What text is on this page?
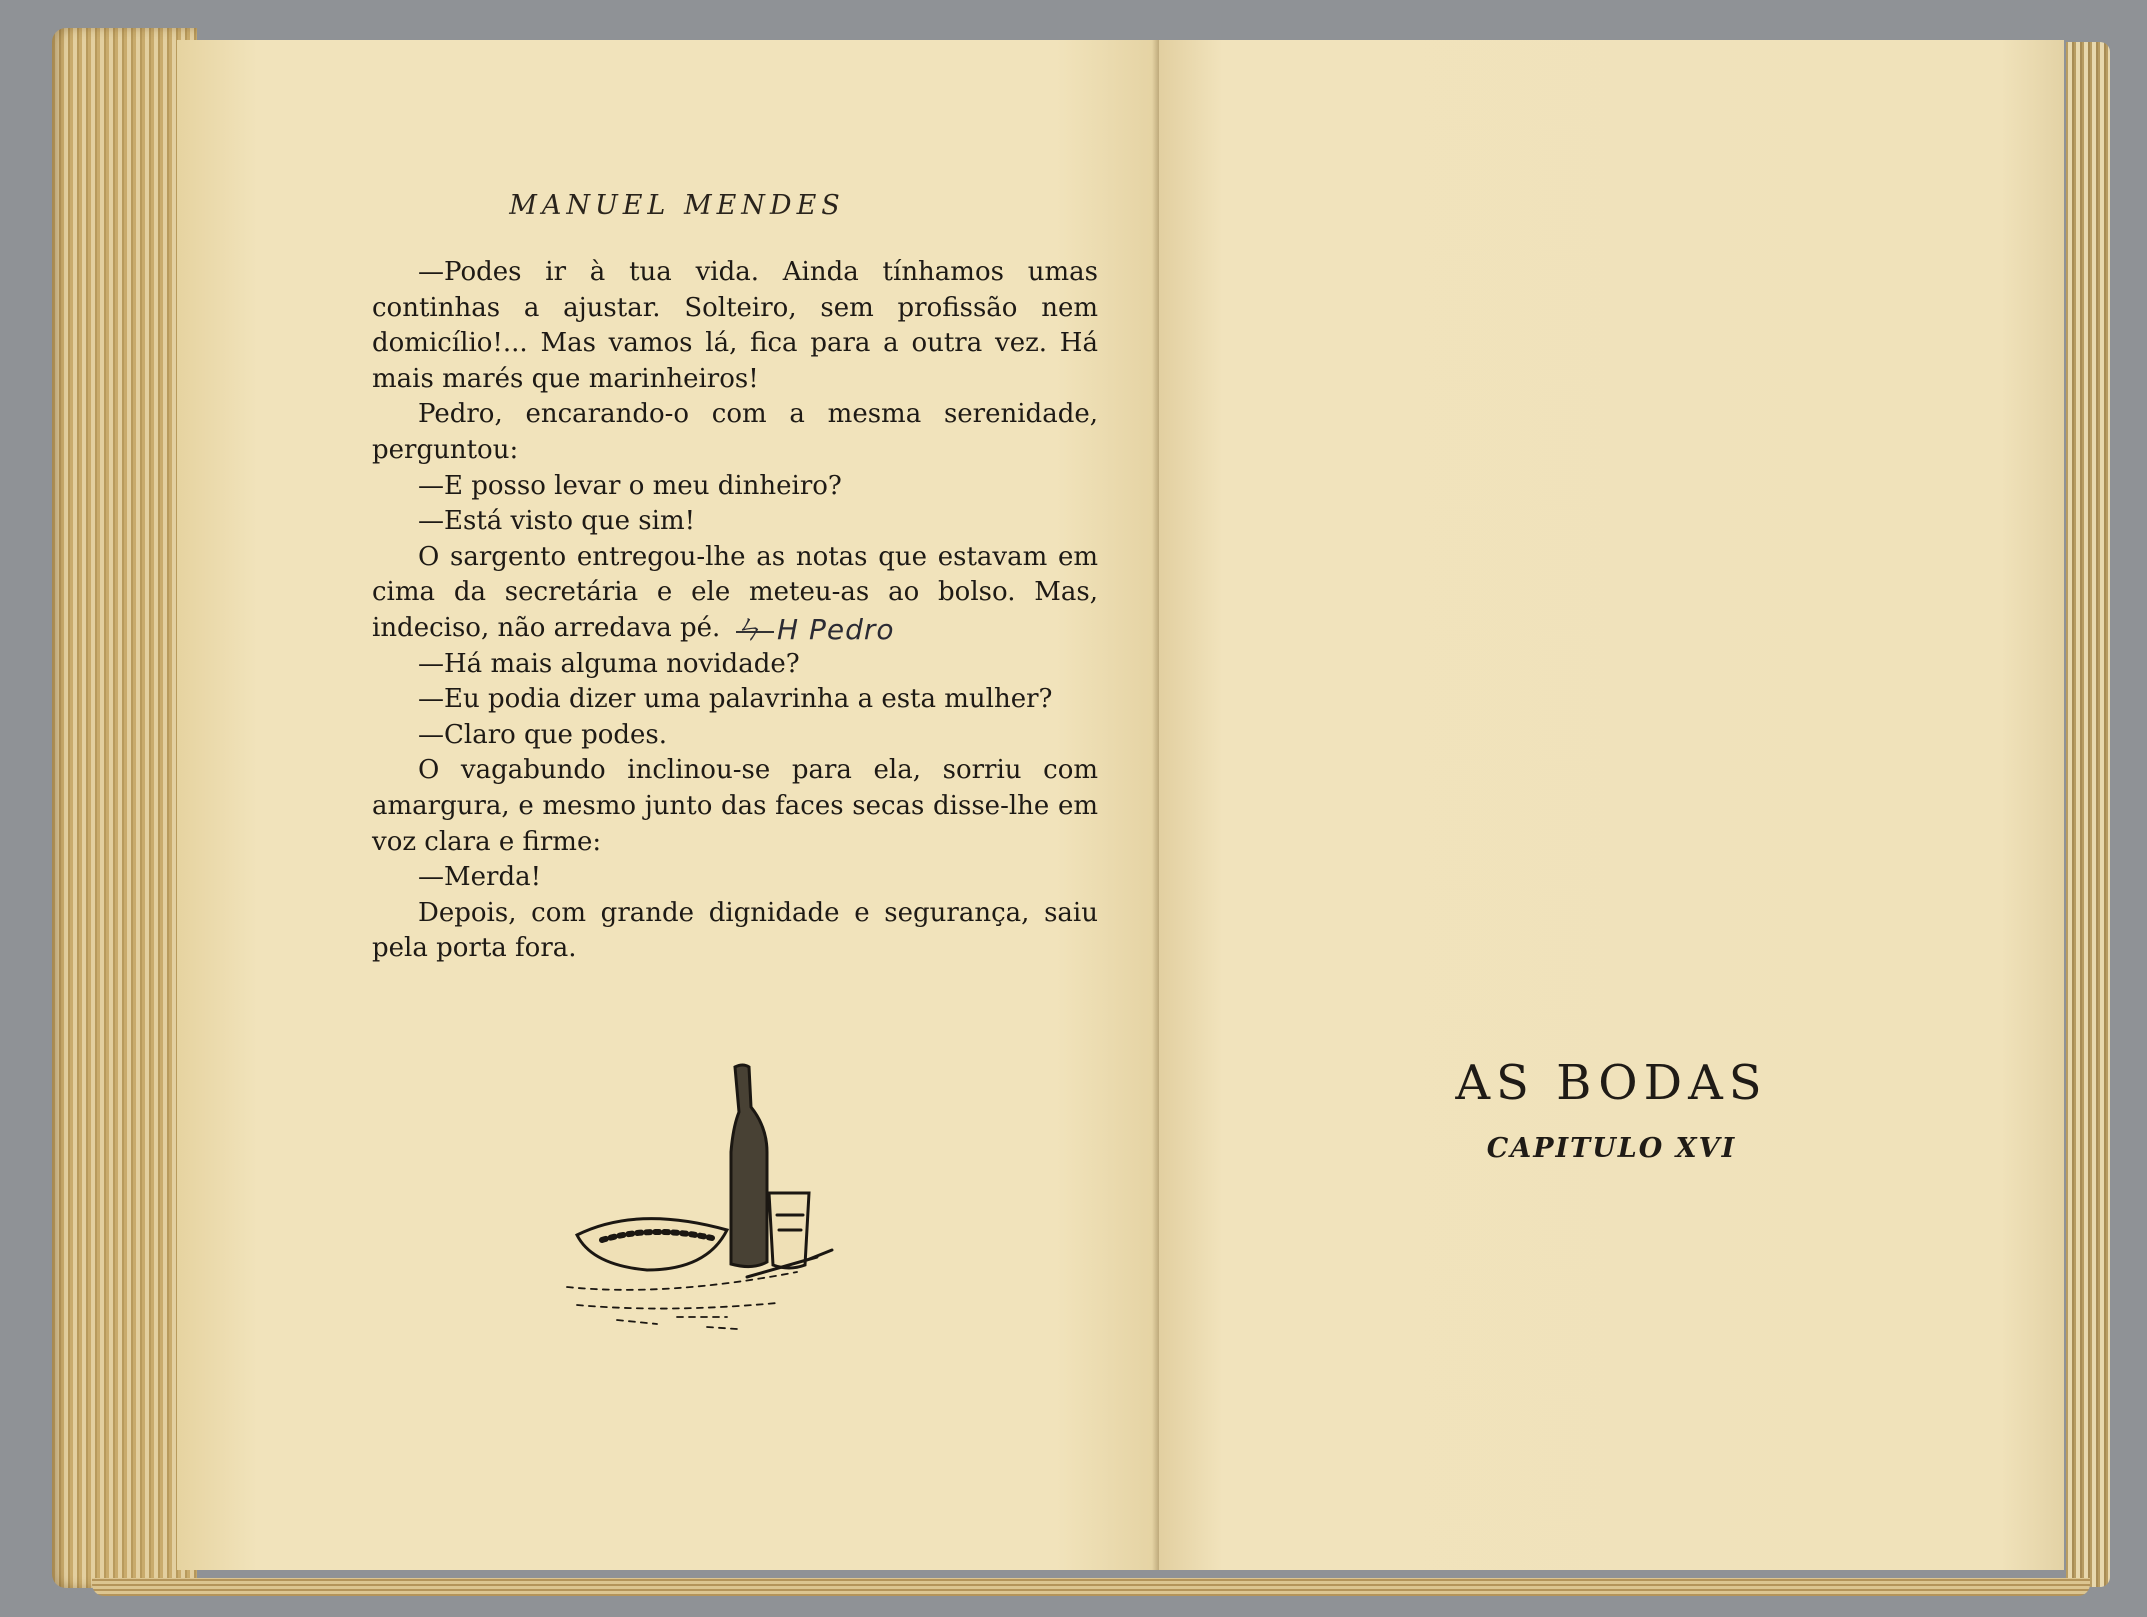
MANUEL MENDES

—Podes ir à tua vida. Ainda tínhamos umas continhas a ajustar. Solteiro, sem profissão nem domicílio!... Mas vamos lá, fica para a outra vez. Há mais marés que marinheiros!

Pedro, encarando-o com a mesma serenidade, perguntou:

—E posso levar o meu dinheiro?

—Está visto que sim!

O sargento entregou-lhe as notas que estavam em cima da secretária e ele meteu-as ao bolso. Mas, indeciso, não arredava pé.

—Há mais alguma novidade?

—Eu podia dizer uma palavrinha a esta mulher?

—Claro que podes.

O vagabundo inclinou-se para ela, sorriu com amargura, e mesmo junto das faces secas disse-lhe em voz clara e firme:

—Merda!

Depois, com grande dignidade e segurança, saiu pela porta fora.

H Pedro
ㄣ
AS BODAS
CAPITULO XVI
